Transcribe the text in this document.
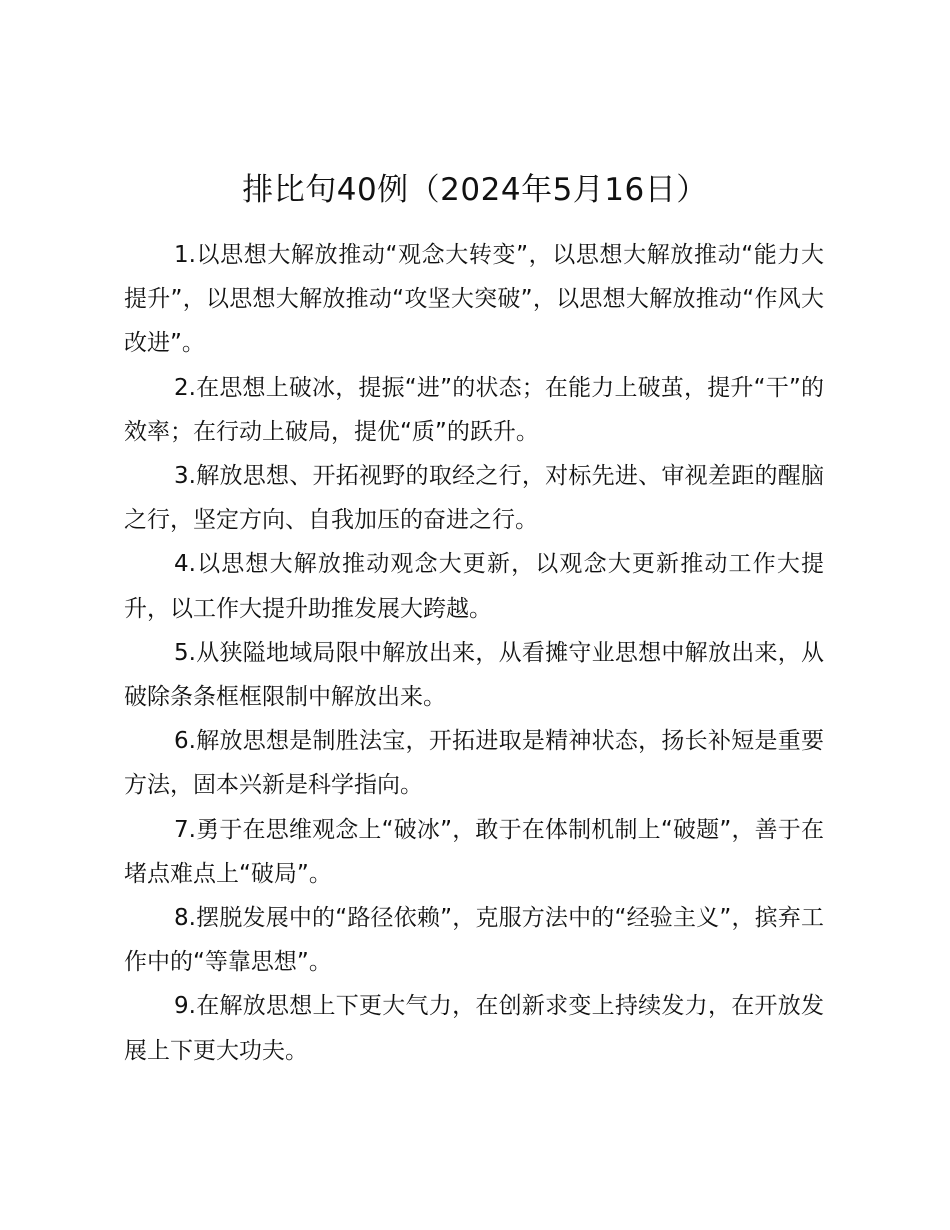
排比句40例（2024年5月16日）

1.以思想大解放推动“观念大转变”，以思想大解放推动“能力大提升”，以思想大解放推动“攻坚大突破”，以思想大解放推动“作风大改进”。

2.在思想上破冰，提振“进”的状态；在能力上破茧，提升“干”的效率；在行动上破局，提优“质”的跃升。

3.解放思想、开拓视野的取经之行，对标先进、审视差距的醒脑之行，坚定方向、自我加压的奋进之行。

4.以思想大解放推动观念大更新，以观念大更新推动工作大提升，以工作大提升助推发展大跨越。

5.从狭隘地域局限中解放出来，从看摊守业思想中解放出来，从破除条条框框限制中解放出来。

6.解放思想是制胜法宝，开拓进取是精神状态，扬长补短是重要方法，固本兴新是科学指向。

7.勇于在思维观念上“破冰”，敢于在体制机制上“破题”，善于在堵点难点上“破局”。

8.摆脱发展中的“路径依赖”，克服方法中的“经验主义”，摈弃工作中的“等靠思想”。

9.在解放思想上下更大气力，在创新求变上持续发力，在开放发展上下更大功夫。
